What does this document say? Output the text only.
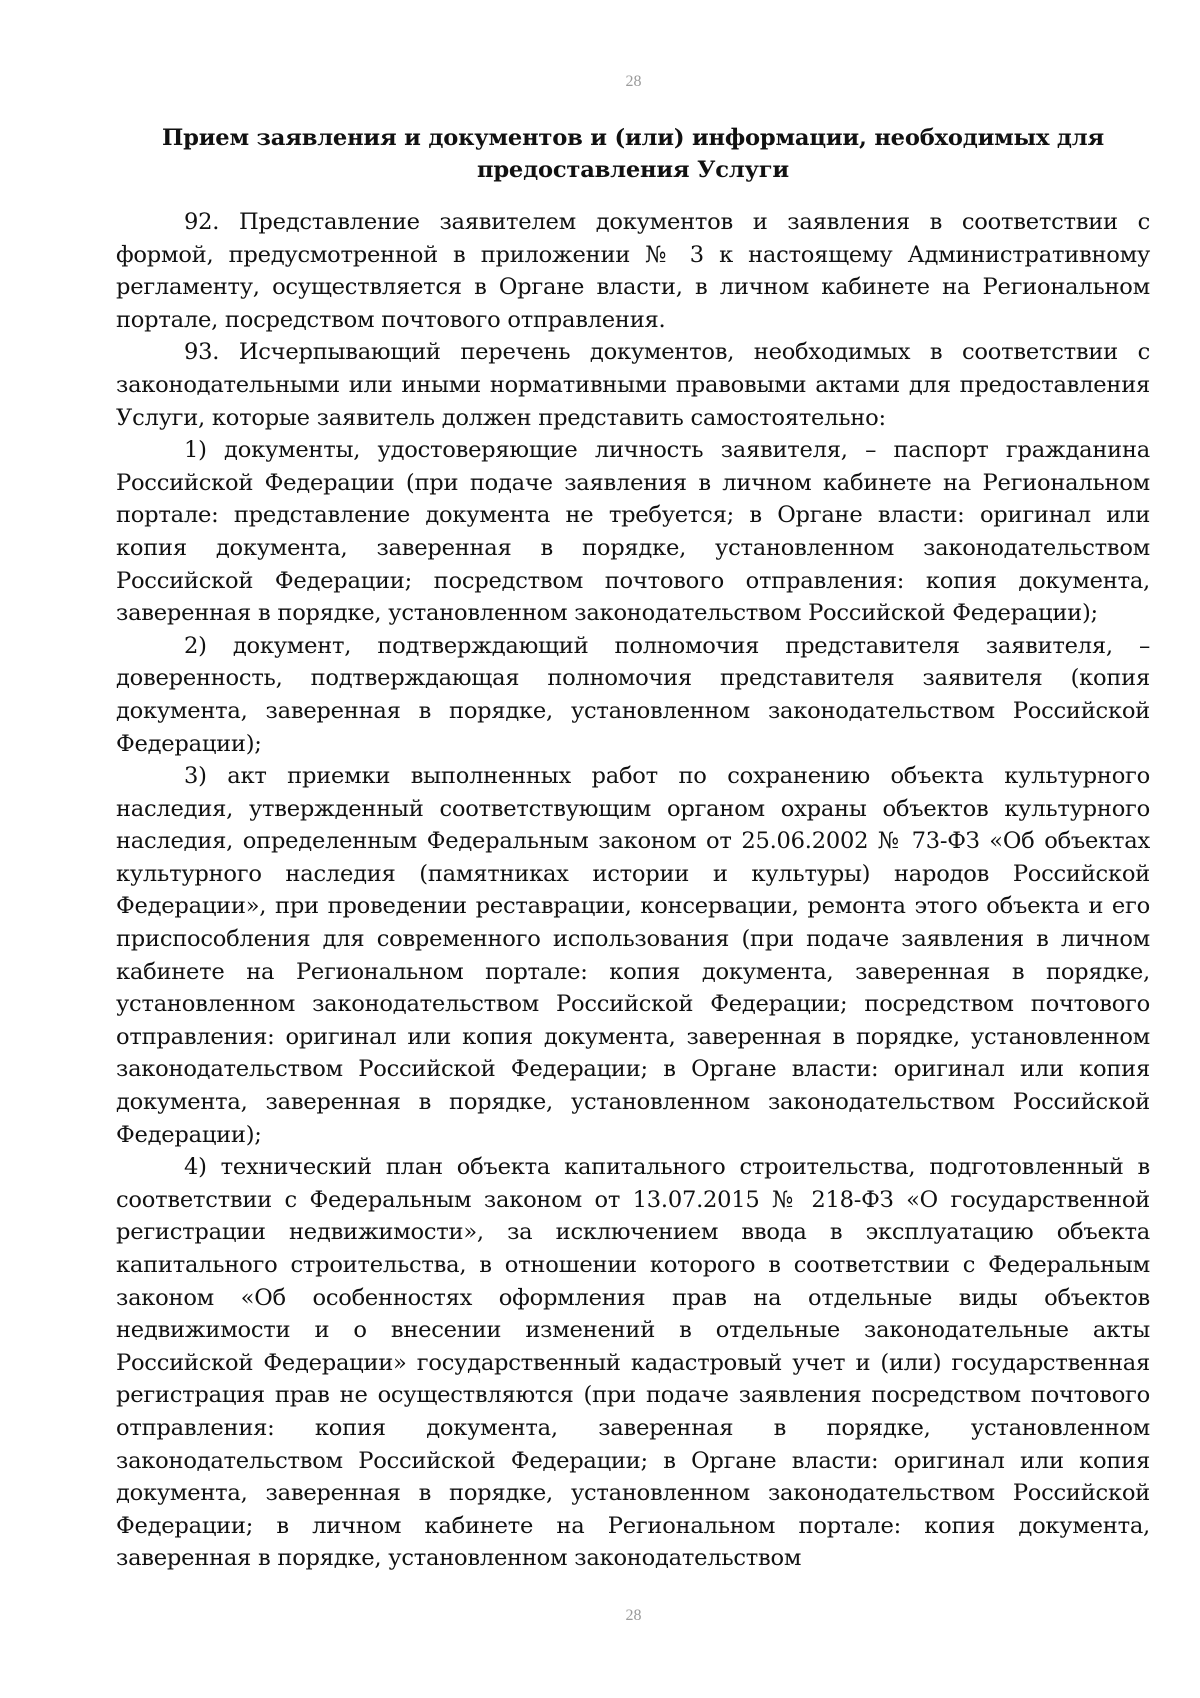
28
Прием заявления и документов и (или) информации, необходимых для предоставления Услуги

92. Представление заявителем документов и заявления в соответствии с формой, предусмотренной в приложении № 3 к настоящему Административному регламенту, осуществляется в Органе власти, в личном кабинете на Региональном портале, посредством почтового отправления.

93. Исчерпывающий перечень документов, необходимых в соответствии с законодательными или иными нормативными правовыми актами для предоставления Услуги, которые заявитель должен представить самостоятельно:

1) документы, удостоверяющие личность заявителя, – паспорт гражданина Российской Федерации (при подаче заявления в личном кабинете на Региональном портале: представление документа не требуется; в Органе власти: оригинал или копия документа, заверенная в порядке, установленном законодательством Российской Федерации; посредством почтового отправления: копия документа, заверенная в порядке, установленном законодательством Российской Федерации);

2) документ, подтверждающий полномочия представителя заявителя, – доверенность, подтверждающая полномочия представителя заявителя (копия документа, заверенная в порядке, установленном законодательством Российской Федерации);

3) акт приемки выполненных работ по сохранению объекта культурного наследия, утвержденный соответствующим органом охраны объектов культурного наследия, определенным Федеральным законом от 25.06.2002 № 73-ФЗ «Об объектах культурного наследия (памятниках истории и культуры) народов Российской Федерации», при проведении реставрации, консервации, ремонта этого объекта и его приспособления для современного использования (при подаче заявления в личном кабинете на Региональном портале: копия документа, заверенная в порядке, установленном законодательством Российской Федерации; посредством почтового отправления: оригинал или копия документа, заверенная в порядке, установленном законодательством Российской Федерации; в Органе власти: оригинал или копия документа, заверенная в порядке, установленном законодательством Российской Федерации);

4) технический план объекта капитального строительства, подготовленный в соответствии с Федеральным законом от 13.07.2015 № 218-ФЗ «О государственной регистрации недвижимости», за исключением ввода в эксплуатацию объекта капитального строительства, в отношении которого в соответствии с Федеральным законом «Об особенностях оформления прав на отдельные виды объектов недвижимости и о внесении изменений в отдельные законодательные акты Российской Федерации» государственный кадастровый учет и (или) государственная регистрация прав не осуществляются (при подаче заявления посредством почтового отправления: копия документа, заверенная в порядке, установленном законодательством Российской Федерации; в Органе власти: оригинал или копия документа, заверенная в порядке, установленном законодательством Российской Федерации; в личном кабинете на Региональном портале: копия документа, заверенная в порядке, установленном законодательством

28
